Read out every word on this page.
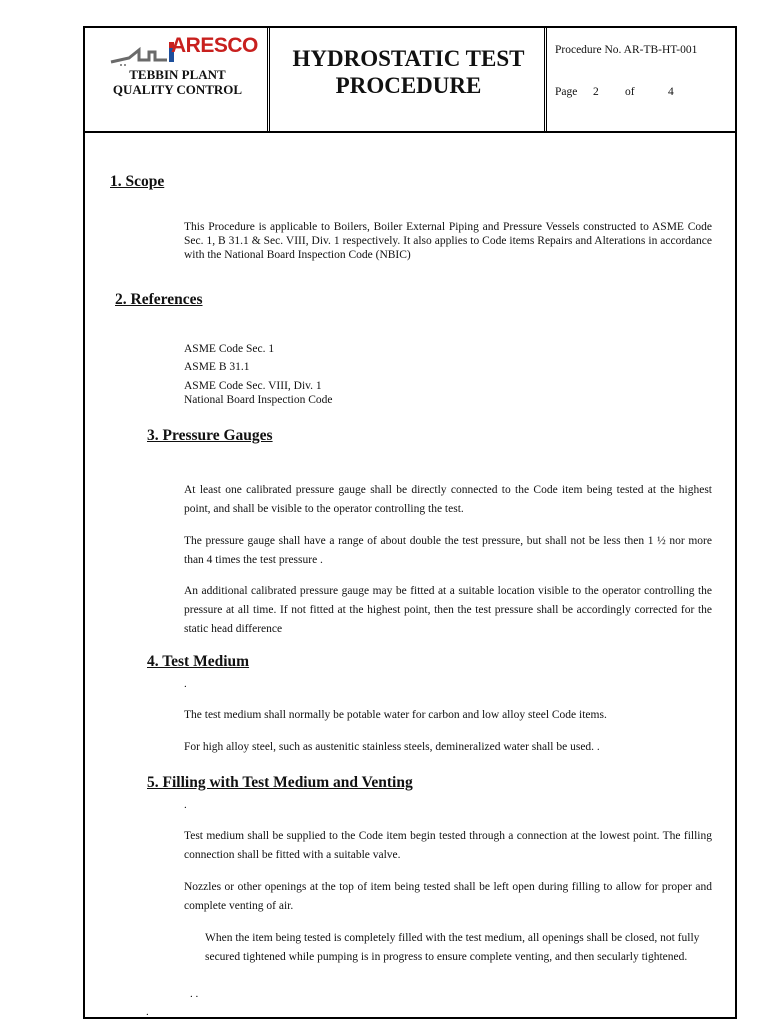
ARESCO
TEBBIN PLANT
QUALITY CONTROL
HYDROSTATIC TEST
PROCEDURE
Procedure No. AR-TB-HT-001
Page 2 of	4
1. Scope
This Procedure is applicable to Boilers, Boiler External Piping and Pressure Vessels constructed to ASME Code Sec. 1, B 31.1 & Sec. VIII, Div. 1 respectively. It also applies to Code items Repairs and Alterations in accordance with the National Board Inspection Code (NBIC)
2. References
ASME Code Sec. 1
ASME B 31.1
ASME Code Sec. VIII, Div. 1
National Board Inspection Code
3. Pressure Gauges
At least one calibrated pressure gauge shall be directly connected to the Code item being tested at the highest point, and shall be visible to the operator controlling the test.
The pressure gauge shall have a range of about double the test pressure, but shall not be less then 1 ½ nor more than 4 times the test pressure .
An additional calibrated pressure gauge may be fitted at a suitable location visible to the operator controlling the pressure at all time. If not fitted at the highest point, then the test pressure shall be accordingly corrected for the static head difference
4. Test Medium
.
The test medium shall normally be potable water for carbon and low alloy steel Code items.
For high alloy steel, such as austenitic stainless steels, demineralized water shall be used. .
5. Filling with Test Medium and Venting
.
Test medium shall be supplied to the Code item begin tested through a connection at the lowest point. The filling connection shall be fitted with a suitable valve.
Nozzles or other openings at the top of item being tested shall be left open during filling to allow for proper and complete venting of air.
When the item being tested is completely filled with the test medium, all openings shall be closed, not fully secured tightened while pumping is in progress to ensure complete venting, and then secularly tightened.
. .
.
